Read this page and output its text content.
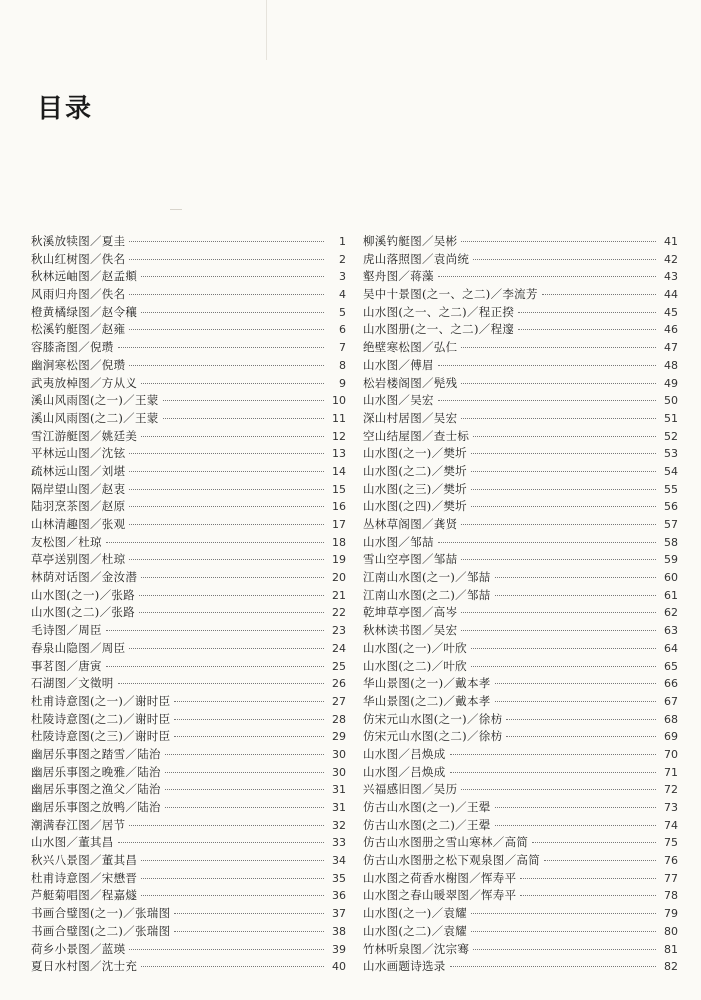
目录
秋溪放犊图／夏圭	1
秋山红树图／佚名	2
秋林远岫图／赵孟頫	3
风雨归舟图／佚名	4
橙黄橘绿图／赵令穰	5
松溪钓艇图／赵雍	6
容膝斋图／倪瓒	7
幽涧寒松图／倪瓒	8
武夷放棹图／方从义	9
溪山风雨图(之一)／王蒙	10
溪山风雨图(之二)／王蒙	11
雪江游艇图／姚廷美	12
平林远山图／沈铉	13
疏林远山图／刘堪	14
隔岸望山图／赵衷	15
陆羽烹茶图／赵原	16
山林清趣图／张观	17
友松图／杜琼	18
草亭送别图／杜琼	19
林荫对话图／金汝潜	20
山水图(之一)／张路	21
山水图(之二)／张路	22
毛诗图／周臣	23
春泉山隐图／周臣	24
事茗图／唐寅	25
石湖图／文徵明	26
杜甫诗意图(之一)／谢时臣	27
杜陵诗意图(之二)／谢时臣	28
杜陵诗意图(之三)／谢时臣	29
幽居乐事图之踏雪／陆治	30
幽居乐事图之晚雅／陆治	30
幽居乐事图之渔父／陆治	31
幽居乐事图之放鸭／陆治	31
潮满春江图／居节	32
山水图／董其昌	33
秋兴八景图／董其昌	34
杜甫诗意图／宋懋晋	35
芦艇菊唱图／程嘉燧	36
书画合璧图(之一)／张瑞图	37
书画合璧图(之二)／张瑞图	38
荷乡小景图／蓝瑛	39
夏日水村图／沈士充	40
柳溪钓艇图／吴彬	41
虎山落照图／袁尚统	42
壑舟图／蒋藻	43
吴中十景图(之一、之二)／李流芳	44
山水图(之一、之二)／程正揆	45
山水图册(之一、之二)／程邃	46
绝壁寒松图／弘仁	47
山水图／傅眉	48
松岩楼阁图／髡残	49
山水图／吴宏	50
深山村居图／吴宏	51
空山结屋图／查士标	52
山水图(之一)／樊圻	53
山水图(之二)／樊圻	54
山水图(之三)／樊圻	55
山水图(之四)／樊圻	56
丛林草阁图／龚贤	57
山水图／邹喆	58
雪山空亭图／邹喆	59
江南山水图(之一)／邹喆	60
江南山水图(之二)／邹喆	61
乾坤草亭图／高岑	62
秋林读书图／吴宏	63
山水图(之一)／叶欣	64
山水图(之二)／叶欣	65
华山景图(之一)／戴本孝	66
华山景图(之二)／戴本孝	67
仿宋元山水图(之一)／徐枋	68
仿宋元山水图(之二)／徐枋	69
山水图／吕焕成	70
山水图／吕焕成	71
兴福感旧图／吴历	72
仿古山水图(之一)／王翚	73
仿古山水图(之二)／王翚	74
仿古山水图册之雪山寒林／高简	75
仿古山水图册之松下观泉图／高简	76
山水图之荷香水榭图／恽寿平	77
山水图之春山暖翠图／恽寿平	78
山水图(之一)／袁耀	79
山水图(之二)／袁耀	80
竹林听泉图／沈宗骞	81
山水画题诗选录	82
